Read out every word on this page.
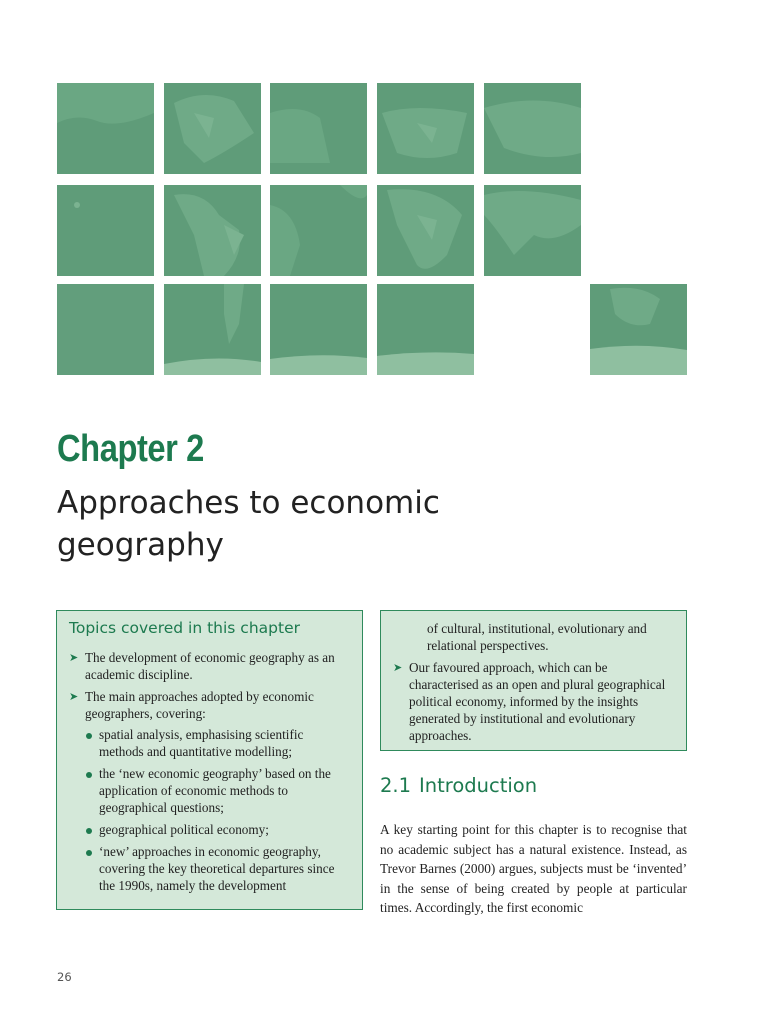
Chapter 2
Approaches to economic geography
Topics covered in this chapter
➤ The development of economic geography as an academic discipline.
➤ The main approaches adopted by economic geographers, covering:
spatial analysis, emphasising scientific methods and quantitative modelling;
the ‘new economic geography’ based on the application of economic methods to geographical questions;
geographical political economy;
‘new’ approaches in economic geography, covering the key theoretical departures since the 1990s, namely the development
of cultural, institutional, evolutionary and relational perspectives.
➤ Our favoured approach, which can be characterised as an open and plural geographical political economy, informed by the insights generated by institutional and evolutionary approaches.
2.1 Introduction

A key starting point for this chapter is to recognise that no academic subject has a natural existence. Instead, as Trevor Barnes (2000) argues, subjects must be ‘invented’ in the sense of being created by people at particular times. Accordingly, the first economic

26
